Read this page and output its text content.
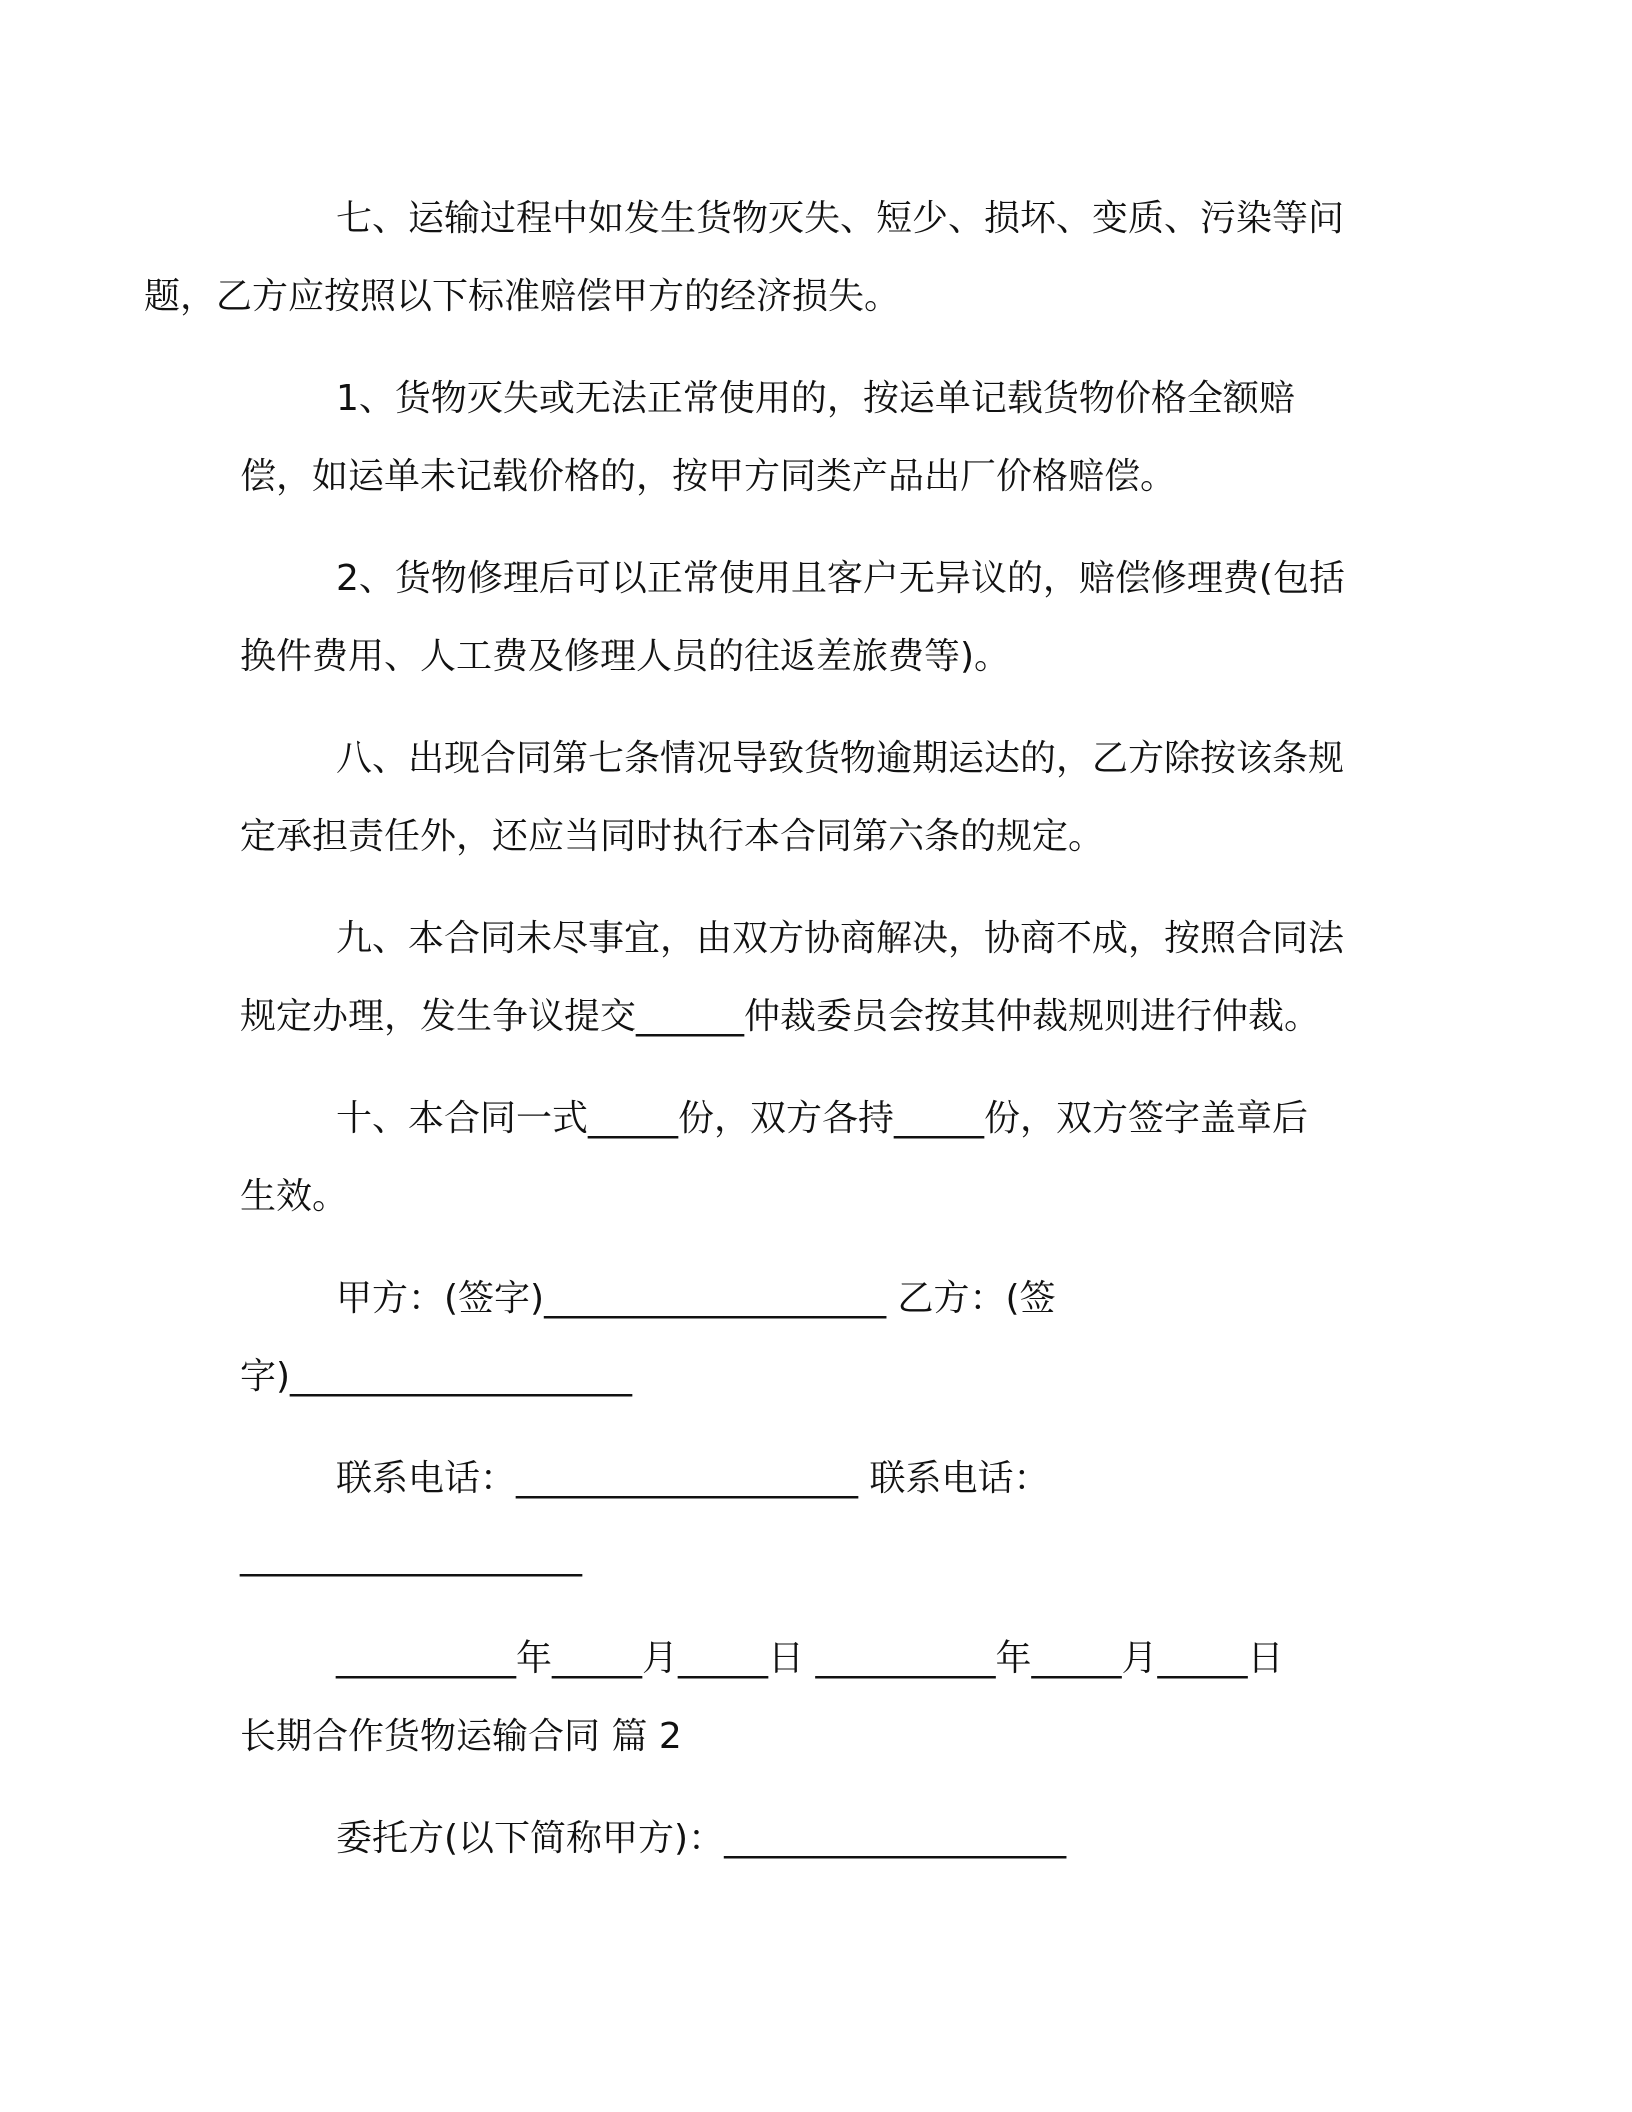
七、运输过程中如发生货物灭失、短少、损坏、变质、污染等问
题，乙方应按照以下标准赔偿甲方的经济损失。
1、货物灭失或无法正常使用的，按运单记载货物价格全额赔
偿，如运单未记载价格的，按甲方同类产品出厂价格赔偿。
2、货物修理后可以正常使用且客户无异议的，赔偿修理费(包括
换件费用、人工费及修理人员的往返差旅费等)。
八、出现合同第七条情况导致货物逾期运达的，乙方除按该条规
定承担责任外，还应当同时执行本合同第六条的规定。
九、本合同未尽事宜，由双方协商解决，协商不成，按照合同法
规定办理，发生争议提交______仲裁委员会按其仲裁规则进行仲裁。
十、本合同一式_____份，双方各持_____份，双方签字盖章后
生效。
甲方：(签字)___________________ 乙方：(签
字)___________________
联系电话：___________________ 联系电话：
___________________
__________年_____月_____日 __________年_____月_____日
长期合作货物运输合同 篇 2
委托方(以下简称甲方)：___________________
